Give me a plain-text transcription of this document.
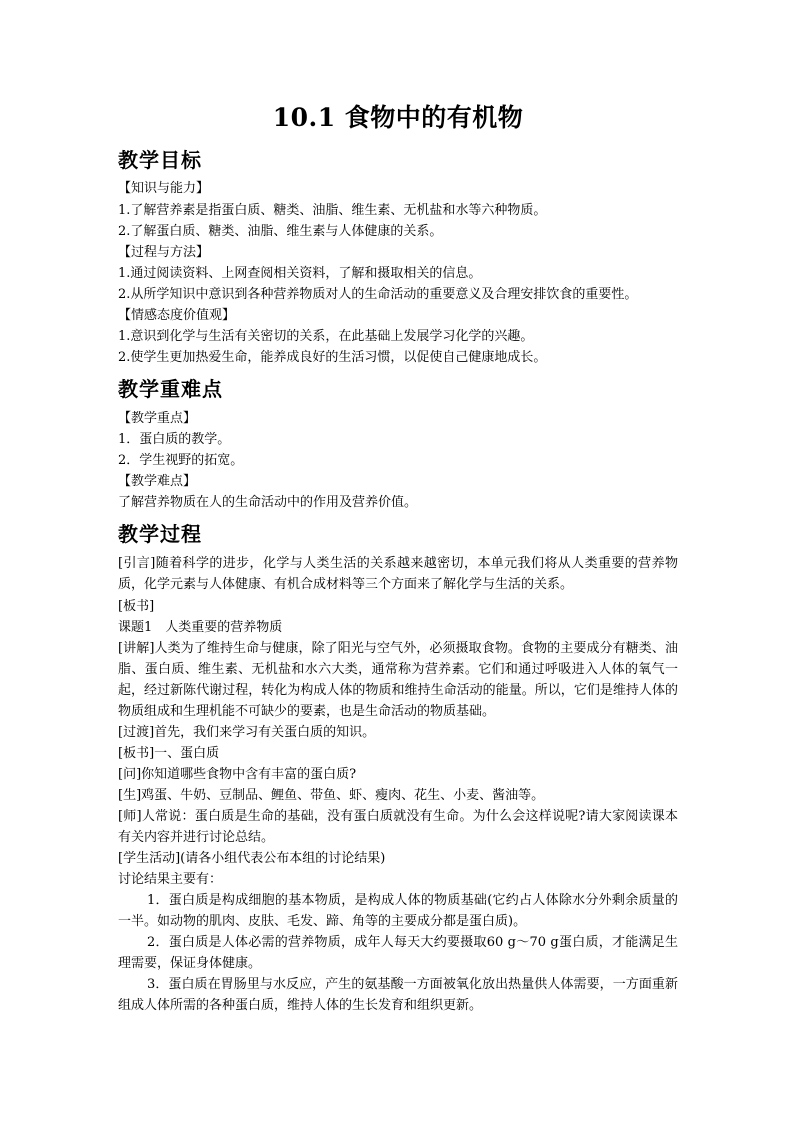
10.1 食物中的有机物
教学目标
【知识与能力】
1.了解营养素是指蛋白质、糖类、油脂、维生素、无机盐和水等六种物质。
2.了解蛋白质、糖类、油脂、维生素与人体健康的关系。
【过程与方法】
1.通过阅读资料、上网查阅相关资料，了解和摄取相关的信息。
2.从所学知识中意识到各种营养物质对人的生命活动的重要意义及合理安排饮食的重要性。
【情感态度价值观】
1.意识到化学与生活有关密切的关系，在此基础上发展学习化学的兴趣。
2.使学生更加热爱生命，能养成良好的生活习惯，以促使自己健康地成长。
教学重难点
【教学重点】
1．蛋白质的教学。
2．学生视野的拓宽。
【教学难点】
了解营养物质在人的生命活动中的作用及营养价值。
教学过程
[引言]随着科学的进步，化学与人类生活的关系越来越密切，本单元我们将从人类重要的营养物质，化学元素与人体健康、有机合成材料等三个方面来了解化学与生活的关系。
[板书]
课题1　人类重要的营养物质
[讲解]人类为了维持生命与健康，除了阳光与空气外，必须摄取食物。食物的主要成分有糖类、油脂、蛋白质、维生素、无机盐和水六大类，通常称为营养素。它们和通过呼吸进入人体的氧气一起，经过新陈代谢过程，转化为构成人体的物质和维持生命活动的能量。所以，它们是维持人体的物质组成和生理机能不可缺少的要素，也是生命活动的物质基础。
[过渡]首先，我们来学习有关蛋白质的知识。
[板书]一、蛋白质
[问]你知道哪些食物中含有丰富的蛋白质?
[生]鸡蛋、牛奶、豆制品、鲤鱼、带鱼、虾、瘦肉、花生、小麦、酱油等。
[师]人常说：蛋白质是生命的基础，没有蛋白质就没有生命。为什么会这样说呢?请大家阅读课本有关内容并进行讨论总结。
[学生活动](请各小组代表公布本组的讨论结果)
讨论结果主要有：
1．蛋白质是构成细胞的基本物质，是构成人体的物质基础(它约占人体除水分外剩余质量的一半。如动物的肌肉、皮肤、毛发、蹄、角等的主要成分都是蛋白质)。
2．蛋白质是人体必需的营养物质，成年人每天大约要摄取60 g～70 g蛋白质，才能满足生理需要，保证身体健康。
3．蛋白质在胃肠里与水反应，产生的氨基酸一方面被氧化放出热量供人体需要，一方面重新组成人体所需的各种蛋白质，维持人体的生长发育和组织更新。
